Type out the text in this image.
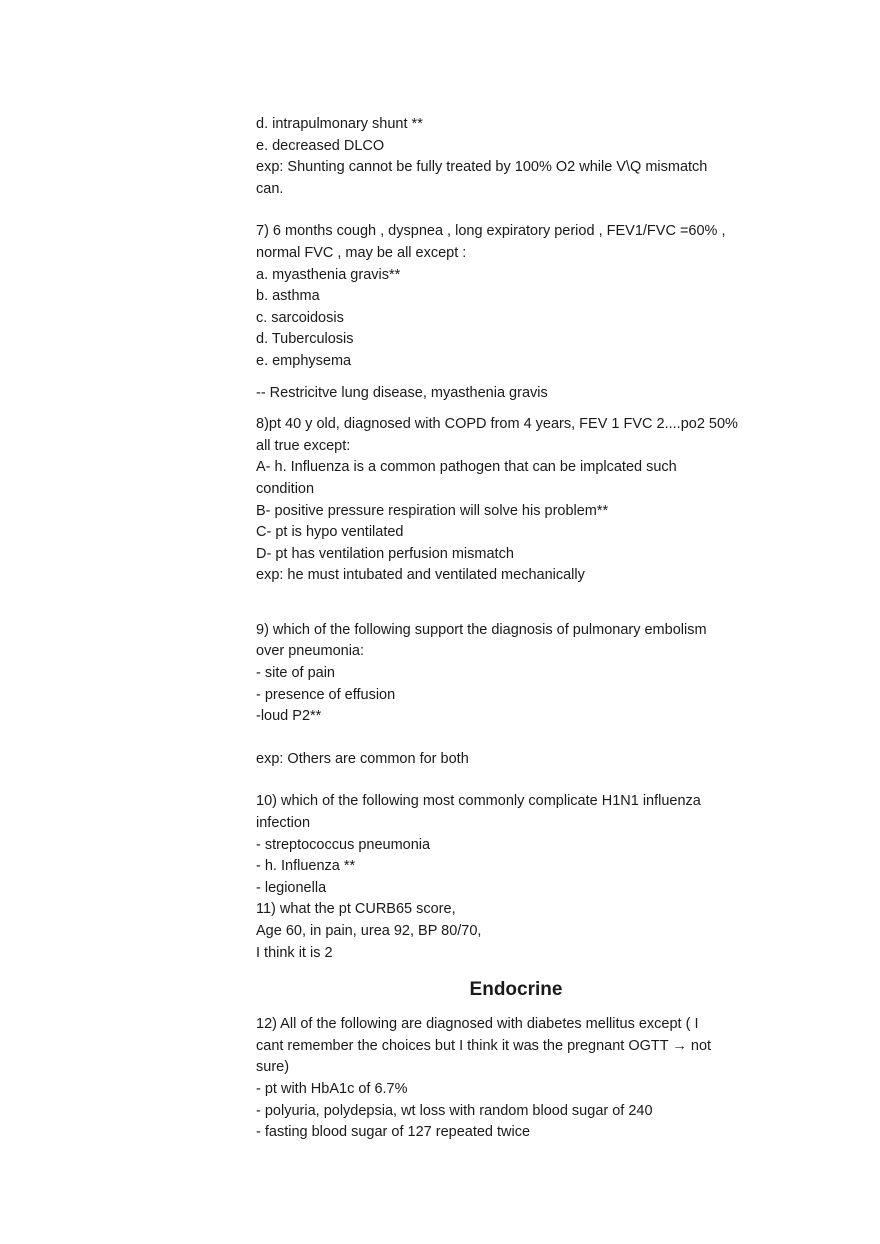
d. intrapulmonary shunt **

e. decreased DLCO

exp: Shunting cannot be fully treated by 100% O2 while V\Q mismatch

can.

7) 6 months cough , dyspnea , long expiratory period , FEV1/FVC =60% ,

normal FVC , may be all except :

a. myasthenia gravis**

b. asthma

c. sarcoidosis

d. Tuberculosis

e. emphysema

-- Restricitve lung disease, myasthenia gravis

8)pt 40 y old, diagnosed with COPD from 4 years, FEV 1 FVC 2....po2 50%

all true except:

A- h. Influenza is a common pathogen that can be implcated such

condition

B- positive pressure respiration will solve his problem**

C- pt is hypo ventilated

D- pt has ventilation perfusion mismatch

exp: he must intubated and ventilated mechanically

9) which of the following support the diagnosis of pulmonary embolism

over pneumonia:

- site of pain

- presence of effusion

-loud P2**

exp: Others are common for both

10) which of the following most commonly complicate H1N1 influenza

infection

- streptococcus pneumonia

- h. Influenza **

- legionella

11) what the pt CURB65 score,

Age 60, in pain, urea 92, BP 80/70,

I think it is 2

Endocrine

12) All of the following are diagnosed with diabetes mellitus except ( I

cant remember the choices but I think it was the pregnant OGTT → not

sure)

- pt with HbA1c of 6.7%

- polyuria, polydepsia, wt loss with random blood sugar of 240

- fasting blood sugar of 127 repeated twice
